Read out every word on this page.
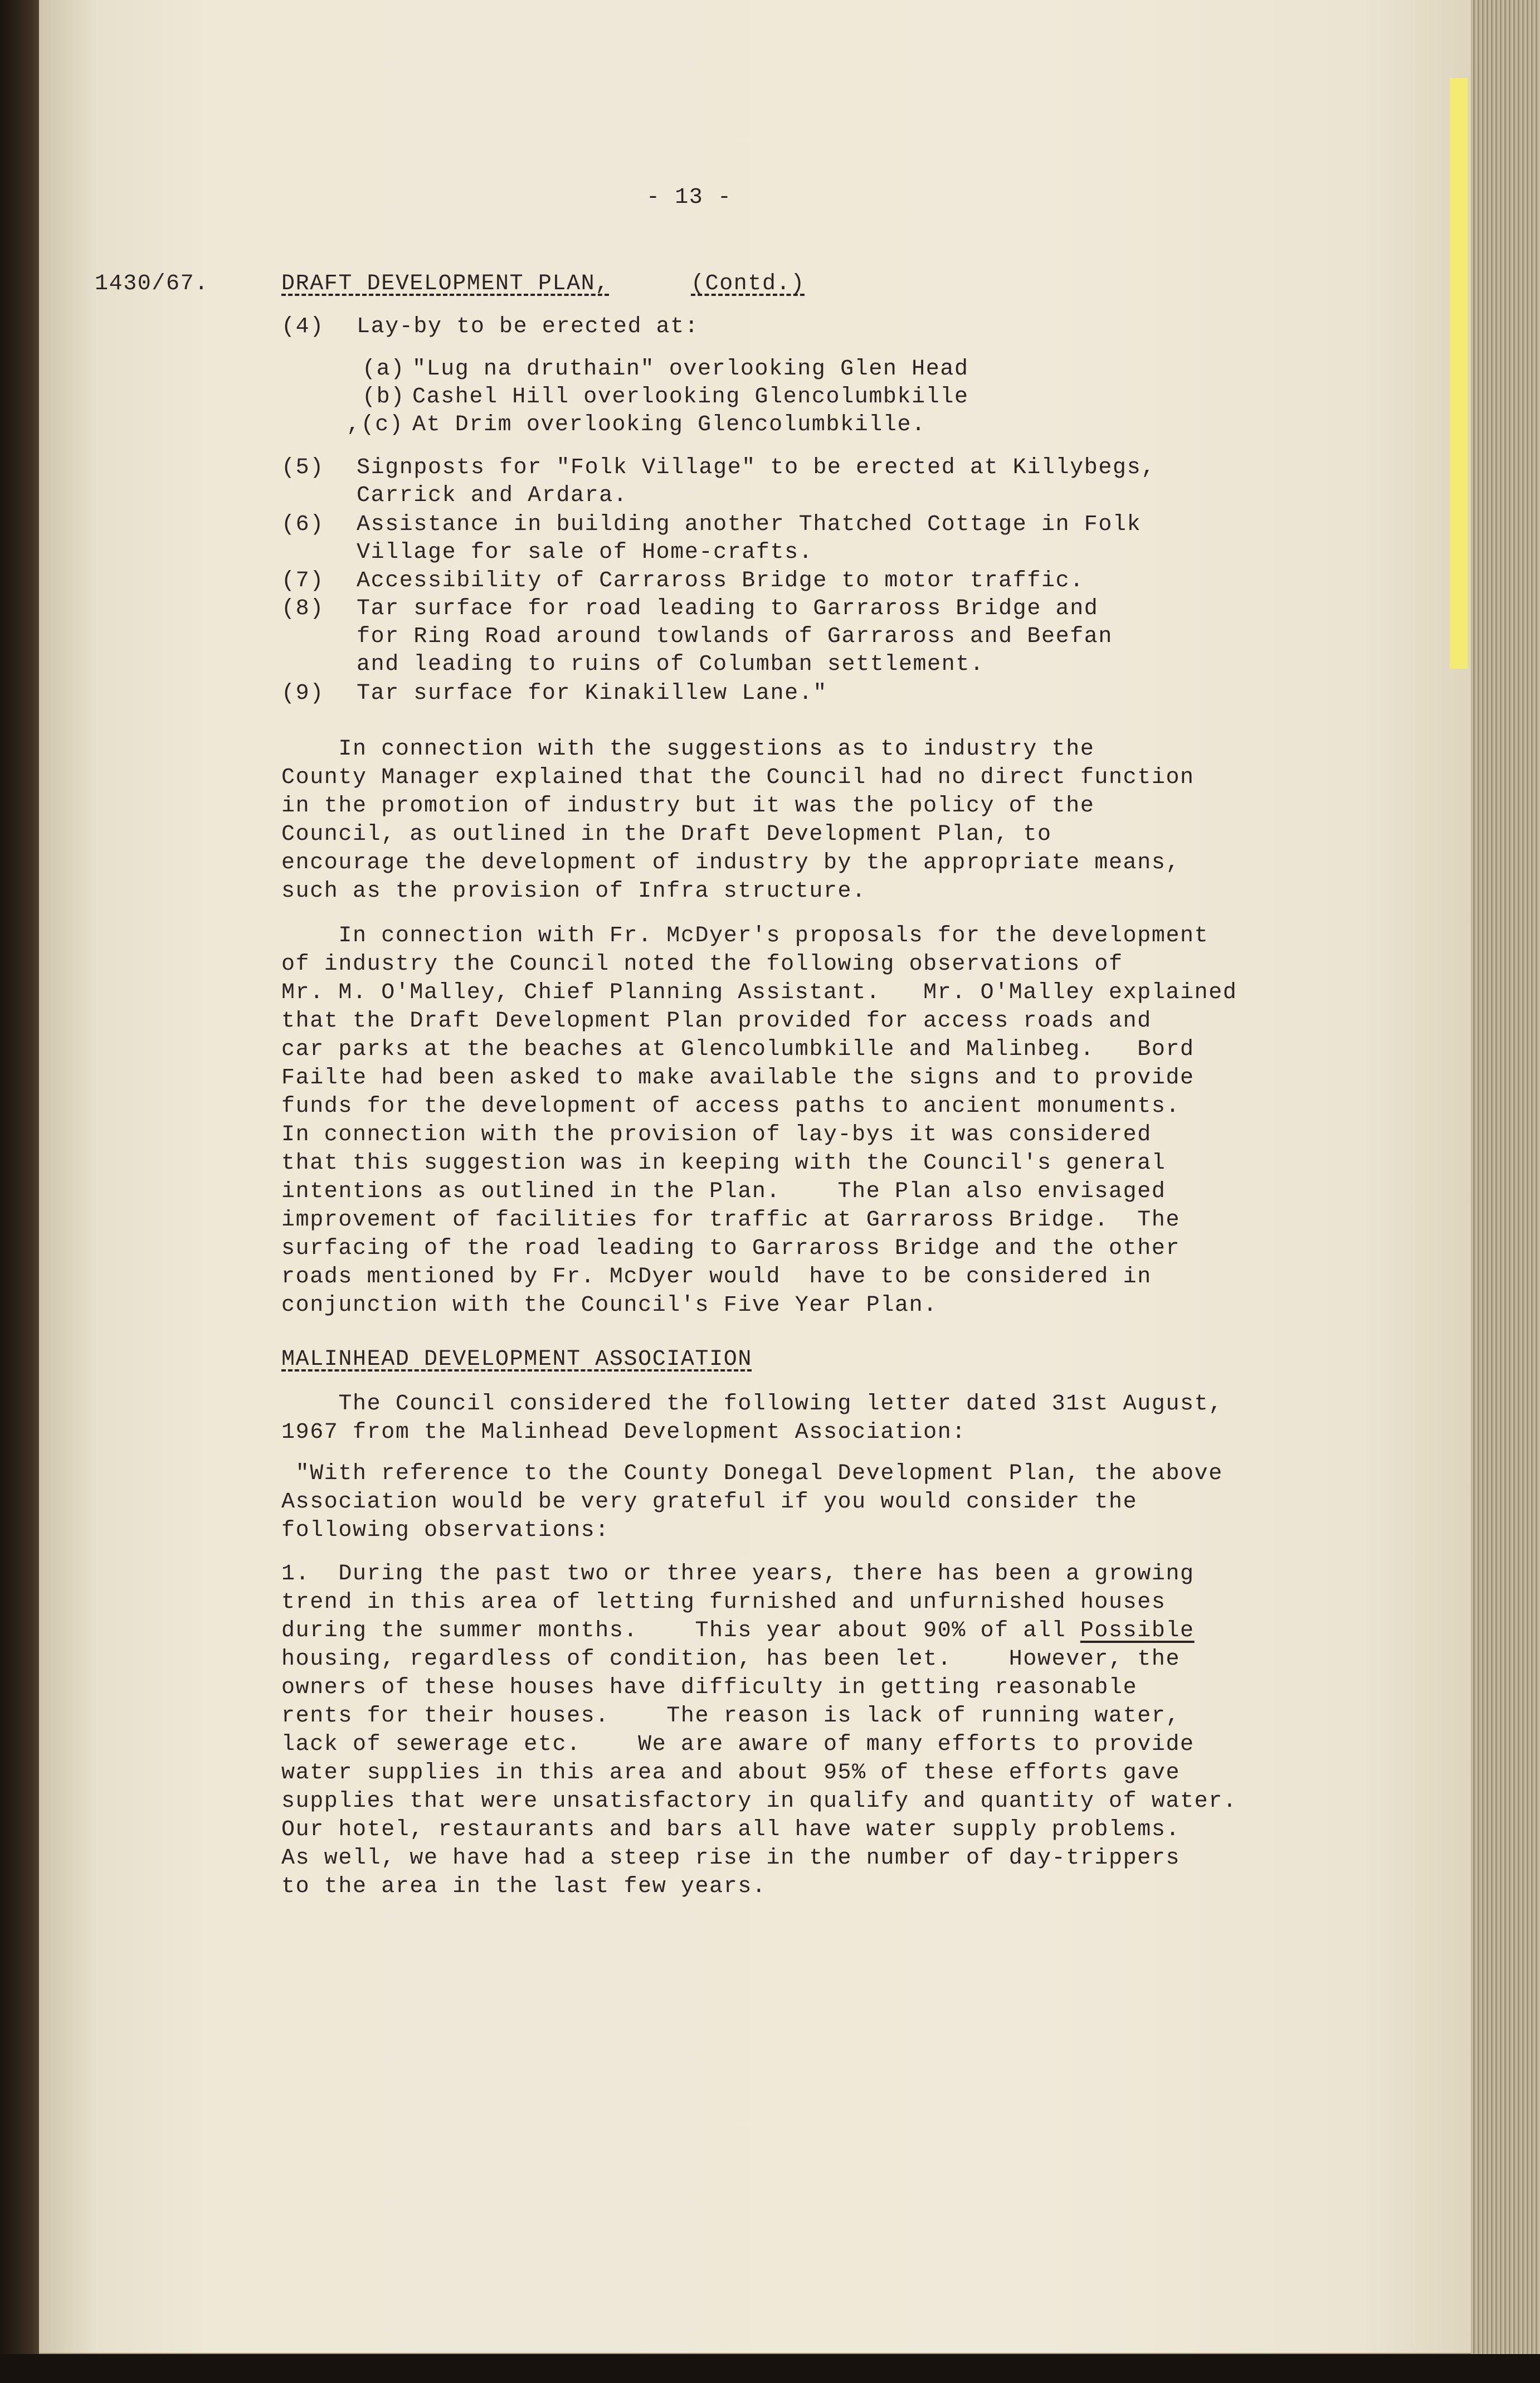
- 13 -
1430/67.	DRAFT DEVELOPMENT PLAN,	(Contd.)
(4) Lay-by to be erected at:
(a) "Lug na druthain" overlooking Glen Head
(b) Cashel Hill overlooking Glencolumbkille
,(c) At Drim overlooking Glencolumbkille.
(5) Signposts for "Folk Village" to be erected at Killybegs,
Carrick and Ardara.
(6) Assistance in building another Thatched Cottage in Folk
Village for sale of Home-crafts.
(7) Accessibility of Carraross Bridge to motor traffic.
(8) Tar surface for road leading to Garraross Bridge and
for Ring Road around towlands of Garraross and Beefan
and leading to ruins of Columban settlement.
(9) Tar surface for Kinakillew Lane."
In connection with the suggestions as to industry the
County Manager explained that the Council had no direct function
in the promotion of industry but it was the policy of the
Council, as outlined in the Draft Development Plan, to
encourage the development of industry by the appropriate means,
such as the provision of Infra structure.
In connection with Fr. McDyer's proposals for the development
of industry the Council noted the following observations of
Mr. M. O'Malley, Chief Planning Assistant.   Mr. O'Malley explained
that the Draft Development Plan provided for access roads and
car parks at the beaches at Glencolumbkille and Malinbeg.   Bord
Failte had been asked to make available the signs and to provide
funds for the development of access paths to ancient monuments.
In connection with the provision of lay-bys it was considered
that this suggestion was in keeping with the Council's general
intentions as outlined in the Plan.    The Plan also envisaged
improvement of facilities for traffic at Garraross Bridge.  The
surfacing of the road leading to Garraross Bridge and the other
roads mentioned by Fr. McDyer would  have to be considered in
conjunction with the Council's Five Year Plan.
MALINHEAD DEVELOPMENT ASSOCIATION
The Council considered the following letter dated 31st August,
1967 from the Malinhead Development Association:
"With reference to the County Donegal Development Plan, the above
Association would be very grateful if you would consider the
following observations:
1.  During the past two or three years, there has been a growing
trend in this area of letting furnished and unfurnished houses
during the summer months.    This year about 90% of all Possible
housing, regardless of condition, has been let.    However, the
owners of these houses have difficulty in getting reasonable
rents for their houses.    The reason is lack of running water,
lack of sewerage etc.    We are aware of many efforts to provide
water supplies in this area and about 95% of these efforts gave
supplies that were unsatisfactory in qualify and quantity of water.
Our hotel, restaurants and bars all have water supply problems.
As well, we have had a steep rise in the number of day-trippers
to the area in the last few years.
